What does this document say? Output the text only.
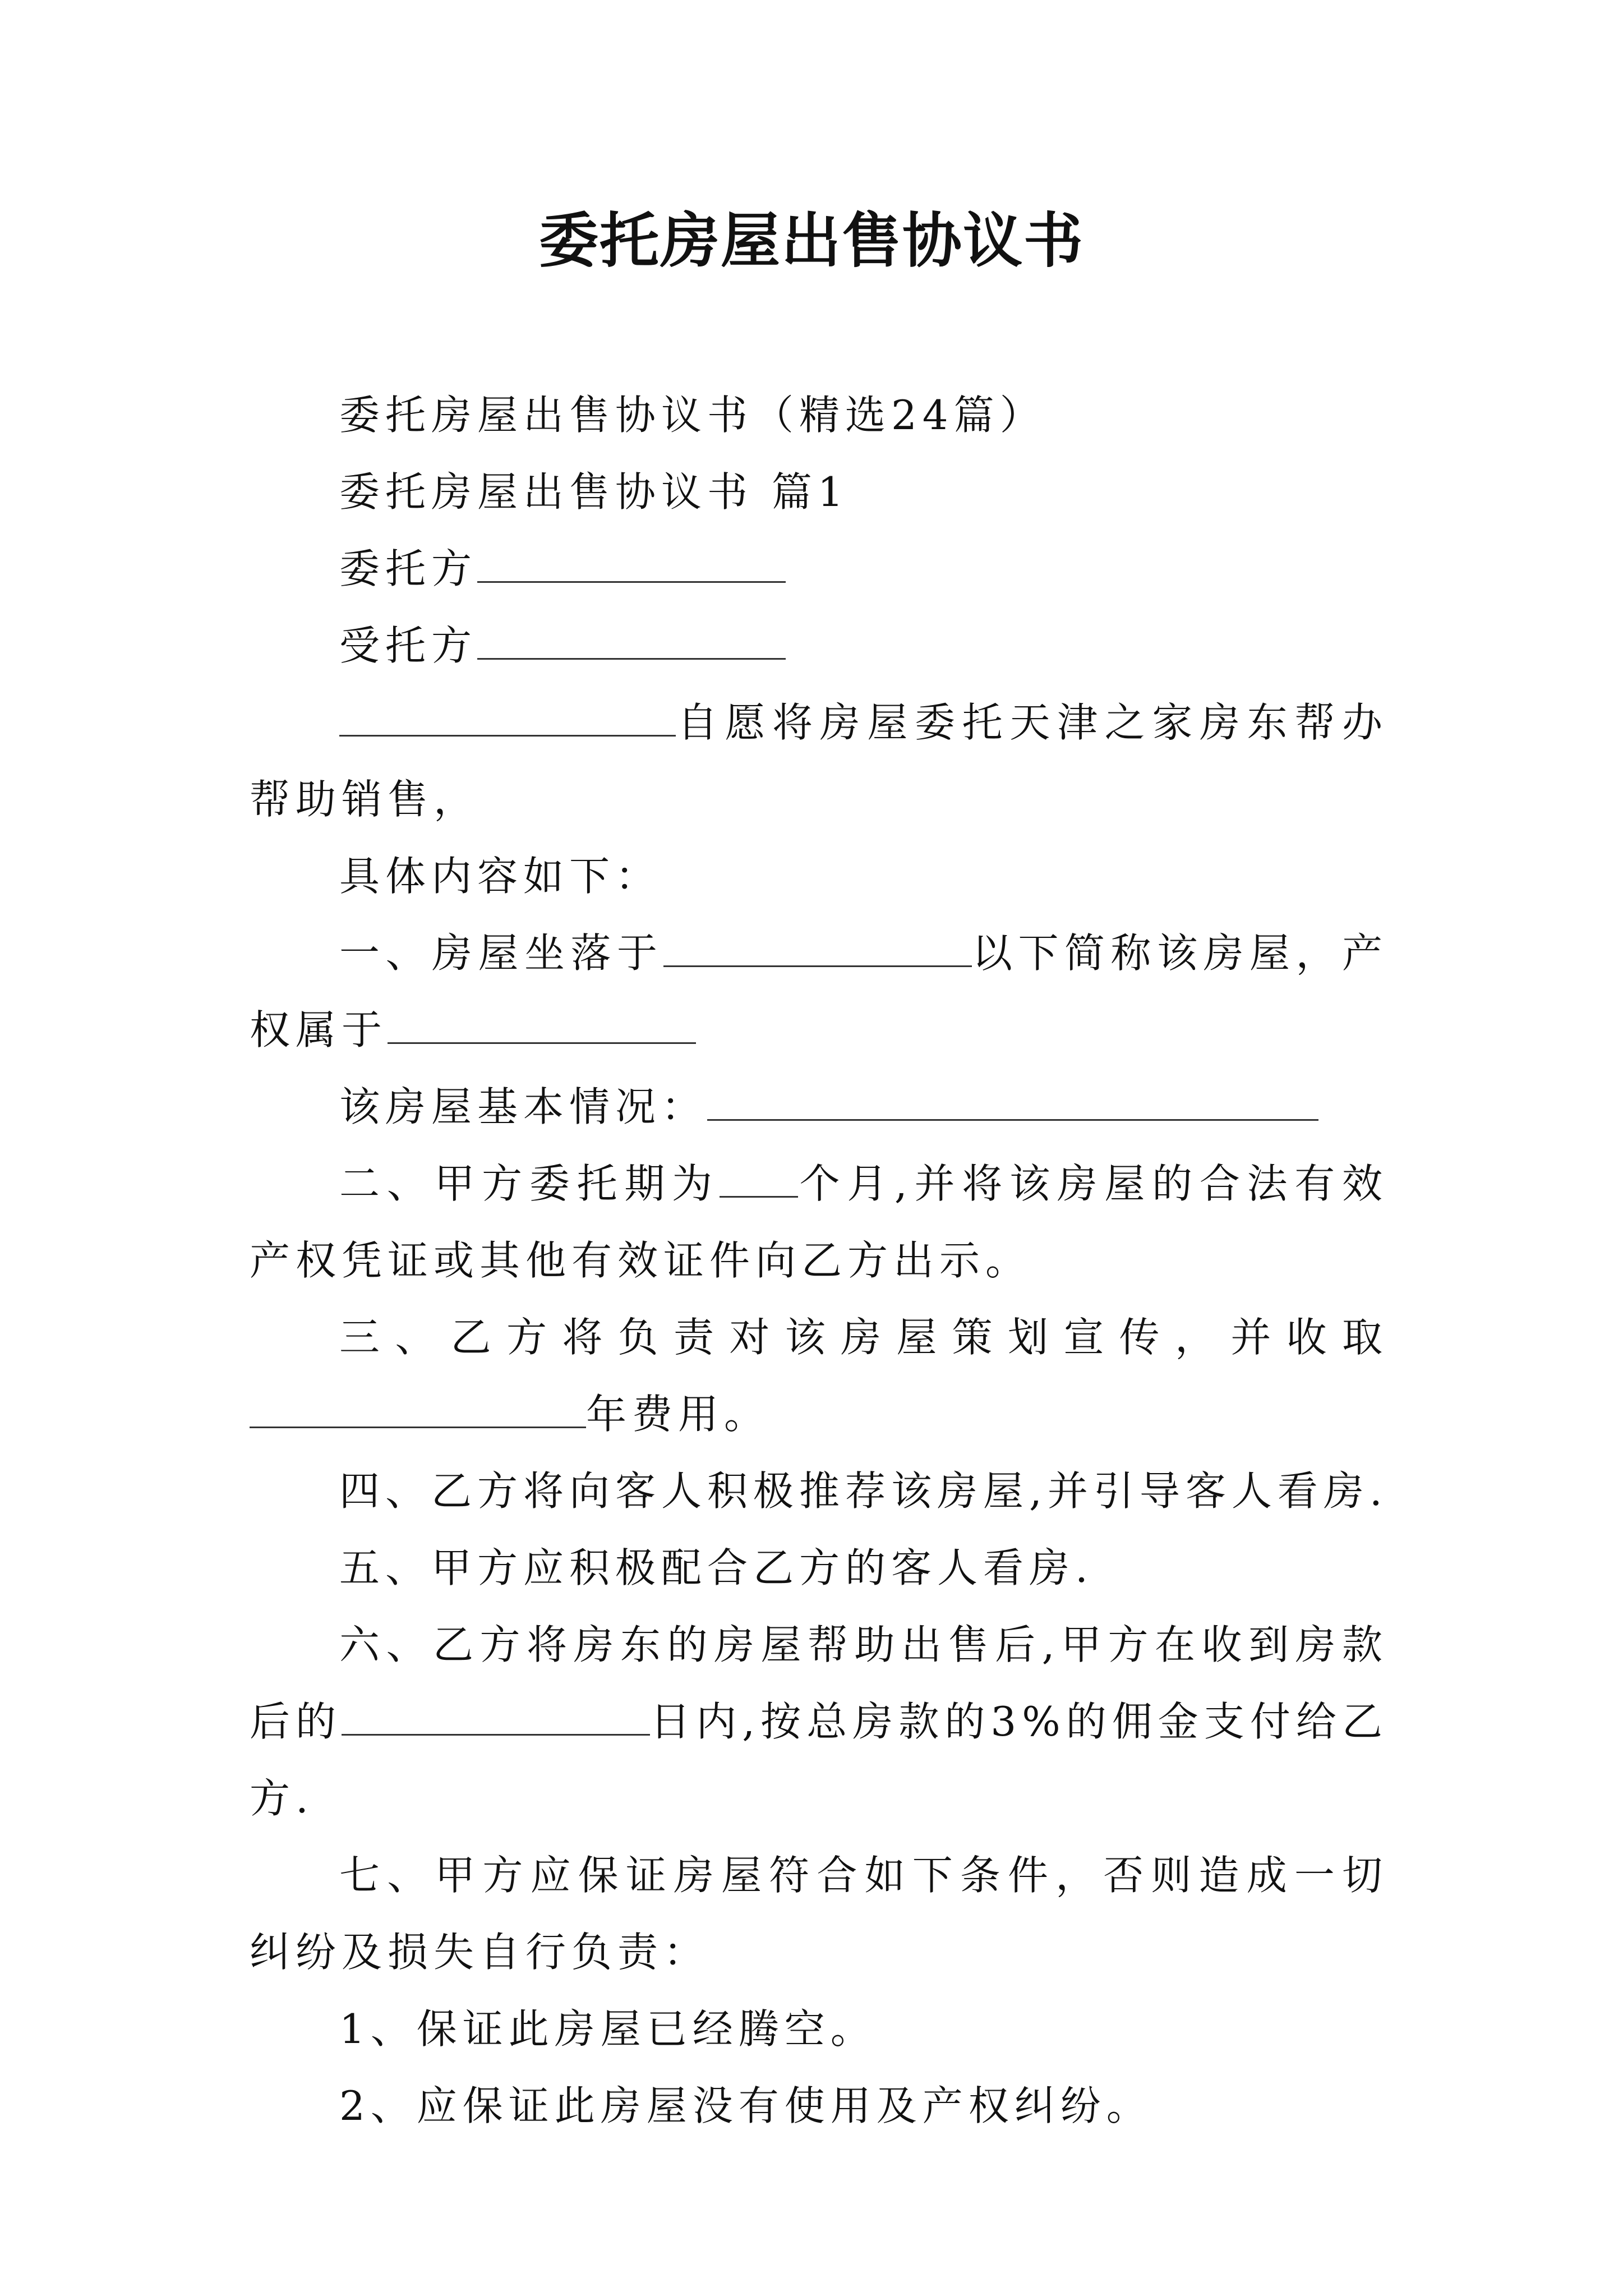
委托房屋出售协议书

委托房屋出售协议书（精选24篇）

委托房屋出售协议书 篇1

委托方

受托方

自愿将房屋委托天津之家房东帮办帮助销售，

具体内容如下：

一、房屋坐落于	以下简称该房屋，产权属于

该房屋基本情况：

二、甲方委托期为 个月,并将该房屋的合法有效产权凭证或其他有效证件向乙方出示。

三、乙方将负责对该房屋策划宣传，并收取年费用。

四、乙方将向客人积极推荐该房屋,并引导客人看房.

五、甲方应积极配合乙方的客人看房.

六、乙方将房东的房屋帮助出售后,甲方在收到房款后的	日内,按总房款的3%的佣金支付给乙方.

七、甲方应保证房屋符合如下条件，否则造成一切纠纷及损失自行负责：

1、保证此房屋已经腾空。

2、应保证此房屋没有使用及产权纠纷。
